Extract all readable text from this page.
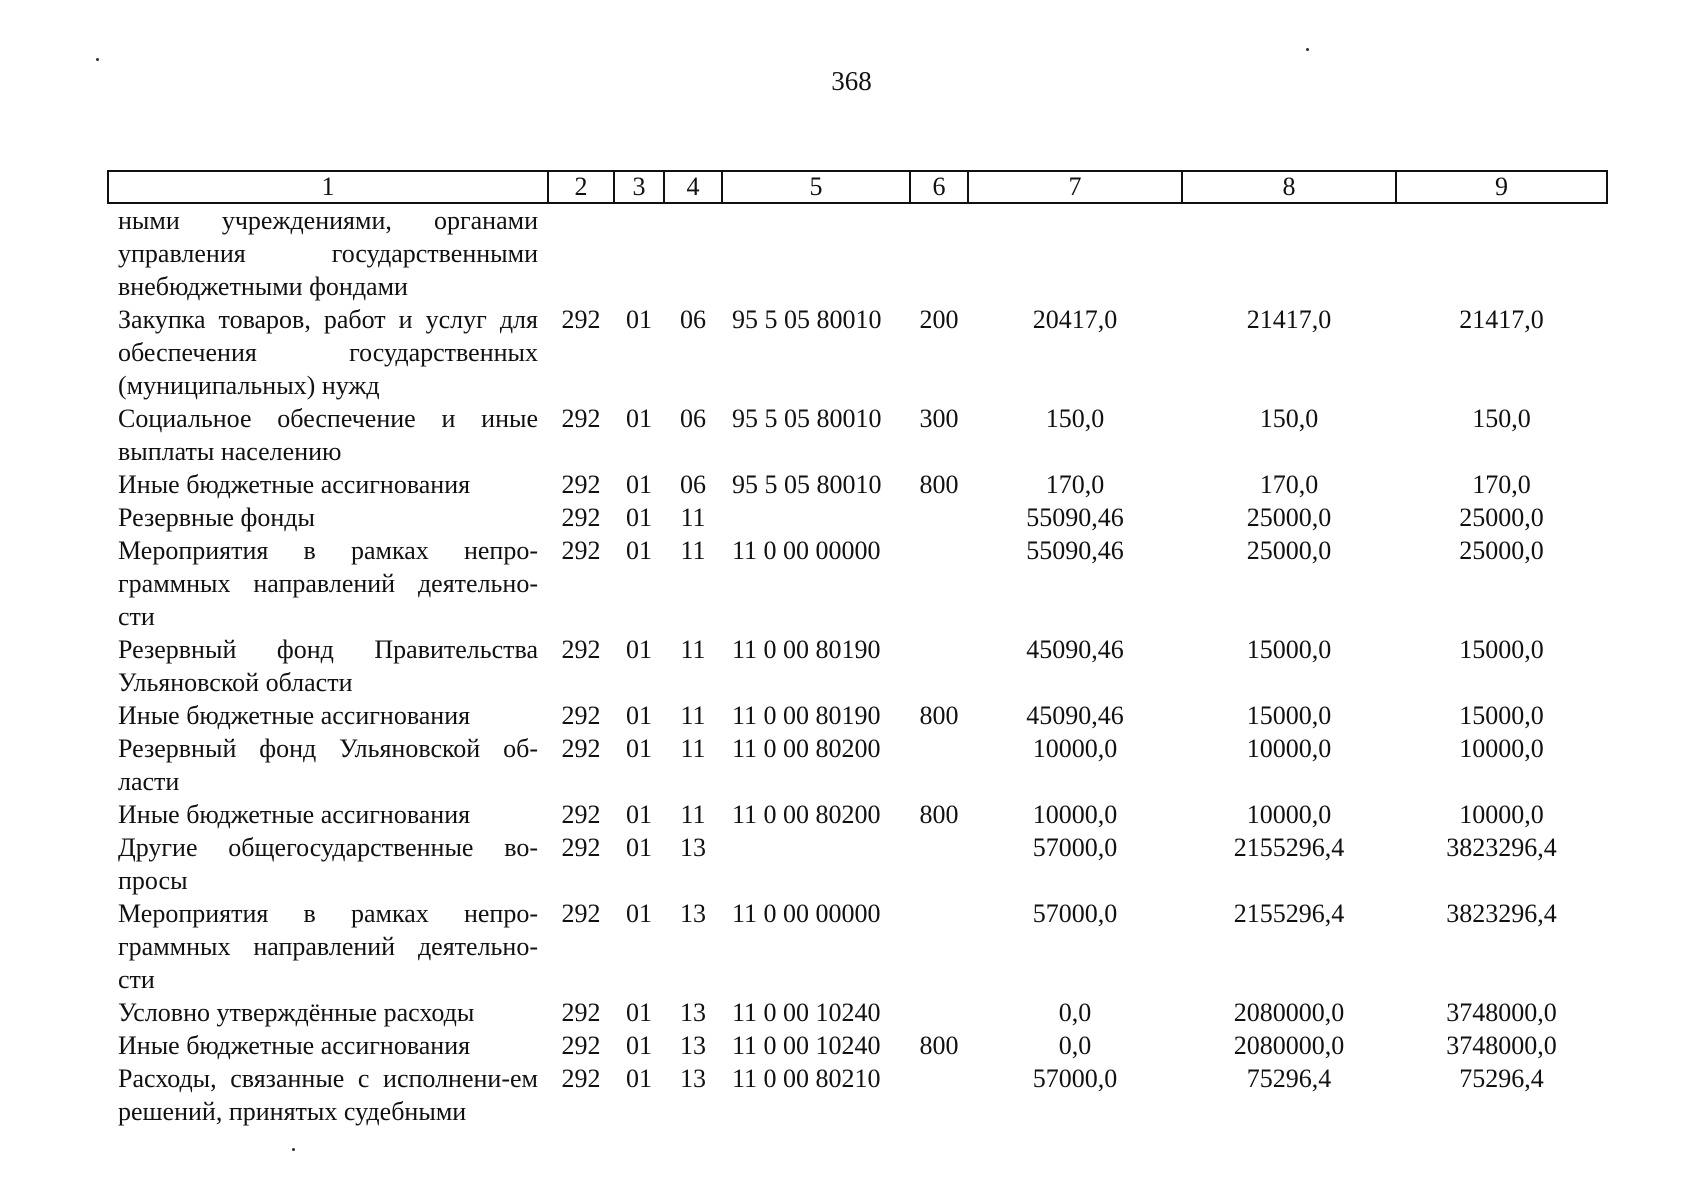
368
1	2	3	4	5	6	7	8	9
ными учреждениями, органами управления государственными внебюджетными фондами								
Закупка товаров, работ и услуг для обеспечения государственных (муниципальных) нужд	292	01	06	95 5 05 80010	200	20417,0	21417,0	21417,0
Социальное обеспечение и иные выплаты населению	292	01	06	95 5 05 80010	300	150,0	150,0	150,0
Иные бюджетные ассигнования	292	01	06	95 5 05 80010	800	170,0	170,0	170,0
Резервные фонды	292	01	11			55090,46	25000,0	25000,0
Мероприятия в рамках непро-граммных направлений деятельно-сти	292	01	11	11 0 00 00000		55090,46	25000,0	25000,0
Резервный фонд Правительства Ульяновской области	292	01	11	11 0 00 80190		45090,46	15000,0	15000,0
Иные бюджетные ассигнования	292	01	11	11 0 00 80190	800	45090,46	15000,0	15000,0
Резервный фонд Ульяновской об-ласти	292	01	11	11 0 00 80200		10000,0	10000,0	10000,0
Иные бюджетные ассигнования	292	01	11	11 0 00 80200	800	10000,0	10000,0	10000,0
Другие общегосударственные во-просы	292	01	13			57000,0	2155296,4	3823296,4
Мероприятия в рамках непро-граммных направлений деятельно-сти	292	01	13	11 0 00 00000		57000,0	2155296,4	3823296,4
Условно утверждённые расходы	292	01	13	11 0 00 10240		0,0	2080000,0	3748000,0
Иные бюджетные ассигнования	292	01	13	11 0 00 10240	800	0,0	2080000,0	3748000,0
Расходы, связанные с исполнени-ем решений, принятых судебными	292	01	13	11 0 00 80210		57000,0	75296,4	75296,4
